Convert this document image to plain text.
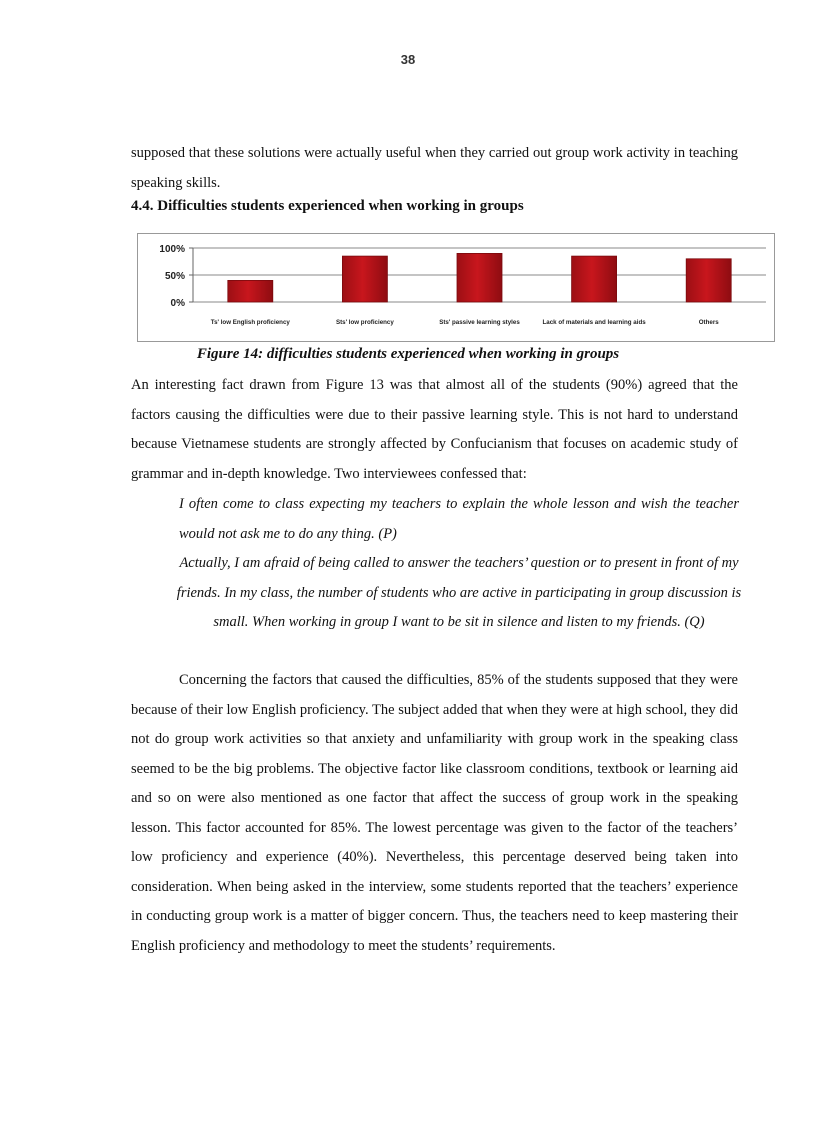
38

supposed that these solutions were actually useful when they carried out group work activity in teaching speaking skills.

4.4. Difficulties students experienced when working in groups
0%
50%
100%
Ts' low English proficiency	Sts' low proficiency	Sts' passive learning styles	Lack of materials and learning aids	Others
Figure 14: difficulties students experienced when working in groups

An interesting fact drawn from Figure 13 was that almost all of the students (90%) agreed that the factors causing the difficulties were due to their passive learning style. This is not hard to understand because Vietnamese students are strongly affected by Confucianism that focuses on academic study of grammar and in-depth knowledge. Two interviewees confessed that:

I often come to class expecting my teachers to explain the whole lesson and wish the teacher would not ask me to do any thing. (P)

Actually, I am afraid of being called to answer the teachers’ question or to present in front of my friends. In my class, the number of students who are active in participating in group discussion is small. When working in group I want to be sit in silence and listen to my friends. (Q)

Concerning the factors that caused the difficulties, 85% of the students supposed that they were because of their low English proficiency. The subject added that when they were at high school, they did not do group work activities so that anxiety and unfamiliarity with group work in the speaking class seemed to be the big problems. The objective factor like classroom conditions, textbook or learning aid and so on were also mentioned as one factor that affect the success of group work in the speaking lesson. This factor accounted for 85%. The lowest percentage was given to the factor of the teachers’ low proficiency and experience (40%). Nevertheless, this percentage deserved being taken into consideration. When being asked in the interview, some students reported that the teachers’ experience in conducting group work is a matter of bigger concern. Thus, the teachers need to keep mastering their English proficiency and methodology to meet the students’ requirements.
